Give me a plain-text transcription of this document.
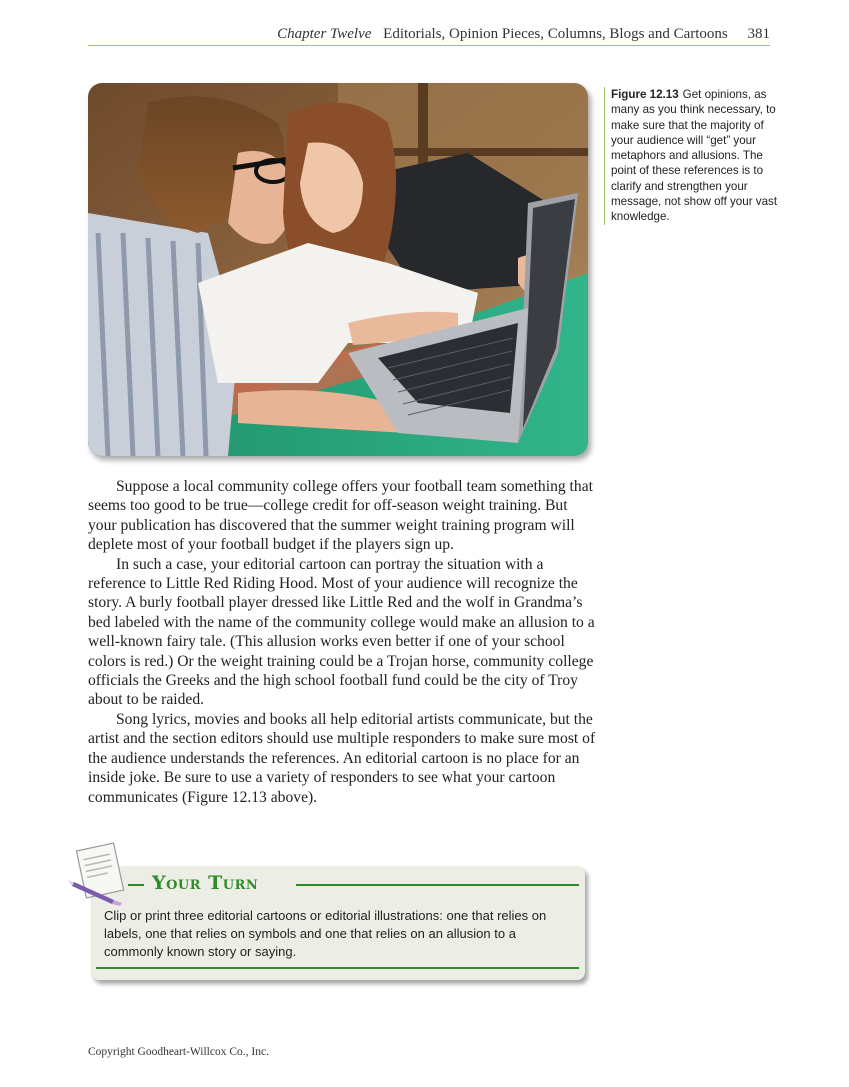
Chapter Twelve Editorials, Opinion Pieces, Columns, Blogs and Cartoons 381
Figure 12.13 Get opinions, as many as you think necessary, to make sure that the majority of your audience will “get” your metaphors and allusions. The point of these references is to clarify and strengthen your message, not show off your vast knowledge.

Suppose a local community college offers your football team something that seems too good to be true—college credit for off-season weight training. But your publication has discovered that the summer weight training program will deplete most of your football budget if the players sign up.

In such a case, your editorial cartoon can portray the situation with a reference to Little Red Riding Hood. Most of your audience will recognize the story. A burly football player dressed like Little Red and the wolf in Grandma’s bed labeled with the name of the community college would make an allusion to a well-known fairy tale. (This allusion works even better if one of your school colors is red.) Or the weight training could be a Trojan horse, community college officials the Greeks and the high school football fund could be the city of Troy about to be raided.

Song lyrics, movies and books all help editorial artists communicate, but the artist and the section editors should use multiple responders to make sure most of the audience understands the references. An editorial cartoon is no place for an inside joke. Be sure to use a variety of responders to see what your cartoon communicates (Figure 12.13 above).

Your Turn
Clip or print three editorial cartoons or editorial illustrations: one that relies on labels, one that relies on symbols and one that relies on an allusion to a commonly known story or saying.
Copyright Goodheart-Willcox Co., Inc.
